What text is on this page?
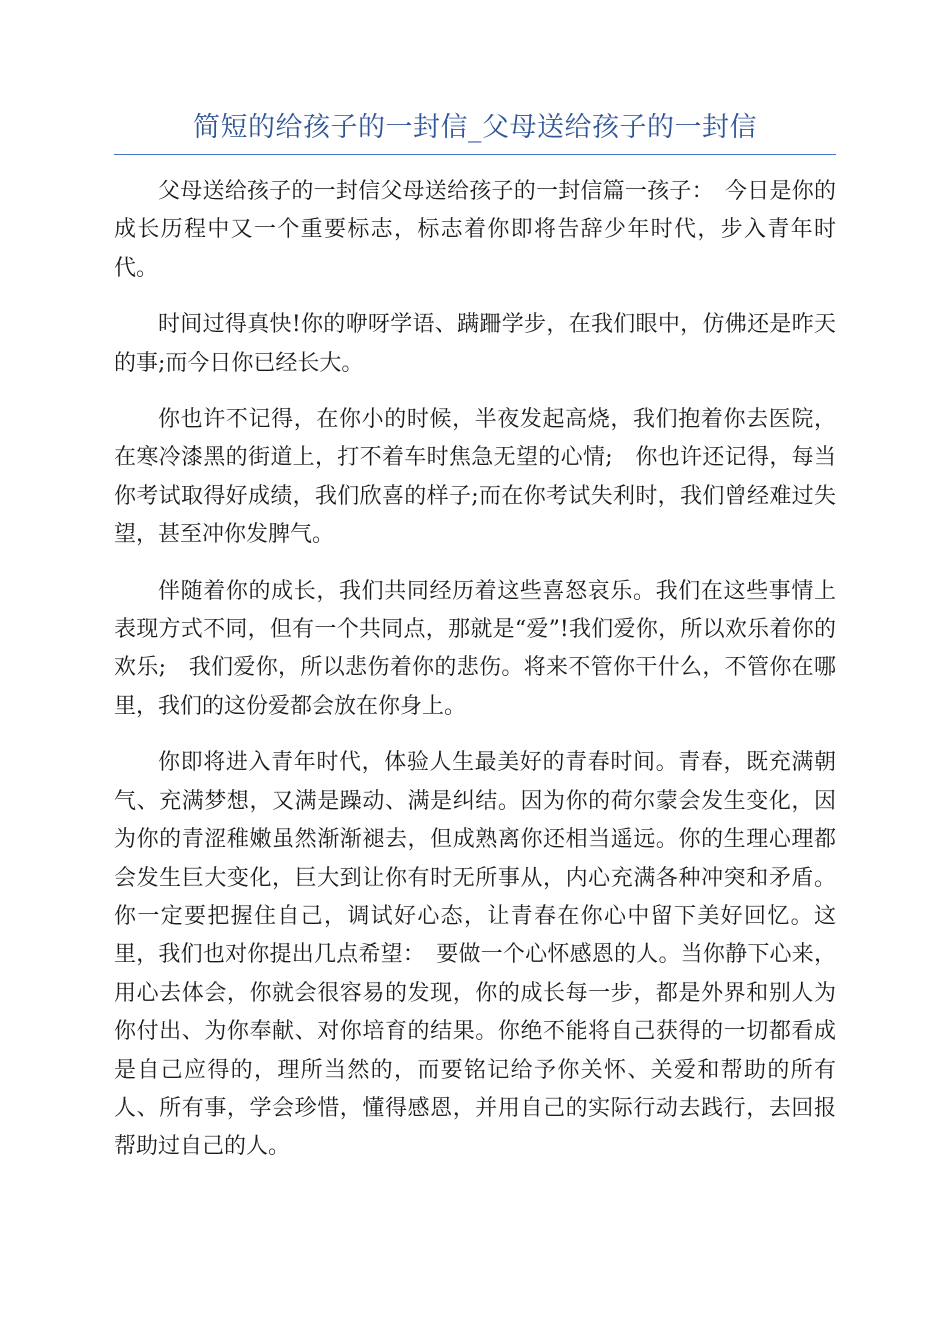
简短的给孩子的一封信_父母送给孩子的一封信

父母送给孩子的一封信父母送给孩子的一封信篇一孩子：　今日是你的成长历程中又一个重要标志，标志着你即将告辞少年时代，步入青年时代。

时间过得真快!你的咿呀学语、蹒跚学步，在我们眼中，仿佛还是昨天的事;而今日你已经长大。

你也许不记得，在你小的时候，半夜发起高烧，我们抱着你去医院，在寒冷漆黑的街道上，打不着车时焦急无望的心情;　你也许还记得，每当你考试取得好成绩，我们欣喜的样子;而在你考试失利时，我们曾经难过失望，甚至冲你发脾气。

伴随着你的成长，我们共同经历着这些喜怒哀乐。我们在这些事情上表现方式不同，但有一个共同点，那就是“爱”!我们爱你，所以欢乐着你的欢乐;　我们爱你，所以悲伤着你的悲伤。将来不管你干什么，不管你在哪里，我们的这份爱都会放在你身上。

你即将进入青年时代，体验人生最美好的青春时间。青春，既充满朝气、充满梦想，又满是躁动、满是纠结。因为你的荷尔蒙会发生变化，因为你的青涩稚嫩虽然渐渐褪去，但成熟离你还相当遥远。你的生理心理都会发生巨大变化，巨大到让你有时无所事从，内心充满各种冲突和矛盾。你一定要把握住自己，调试好心态，让青春在你心中留下美好回忆。这里，我们也对你提出几点希望：　要做一个心怀感恩的人。当你静下心来，用心去体会，你就会很容易的发现，你的成长每一步，都是外界和别人为你付出、为你奉献、对你培育的结果。你绝不能将自己获得的一切都看成是自己应得的，理所当然的，而要铭记给予你关怀、关爱和帮助的所有人、所有事，学会珍惜，懂得感恩，并用自己的实际行动去践行，去回报帮助过自己的人。
